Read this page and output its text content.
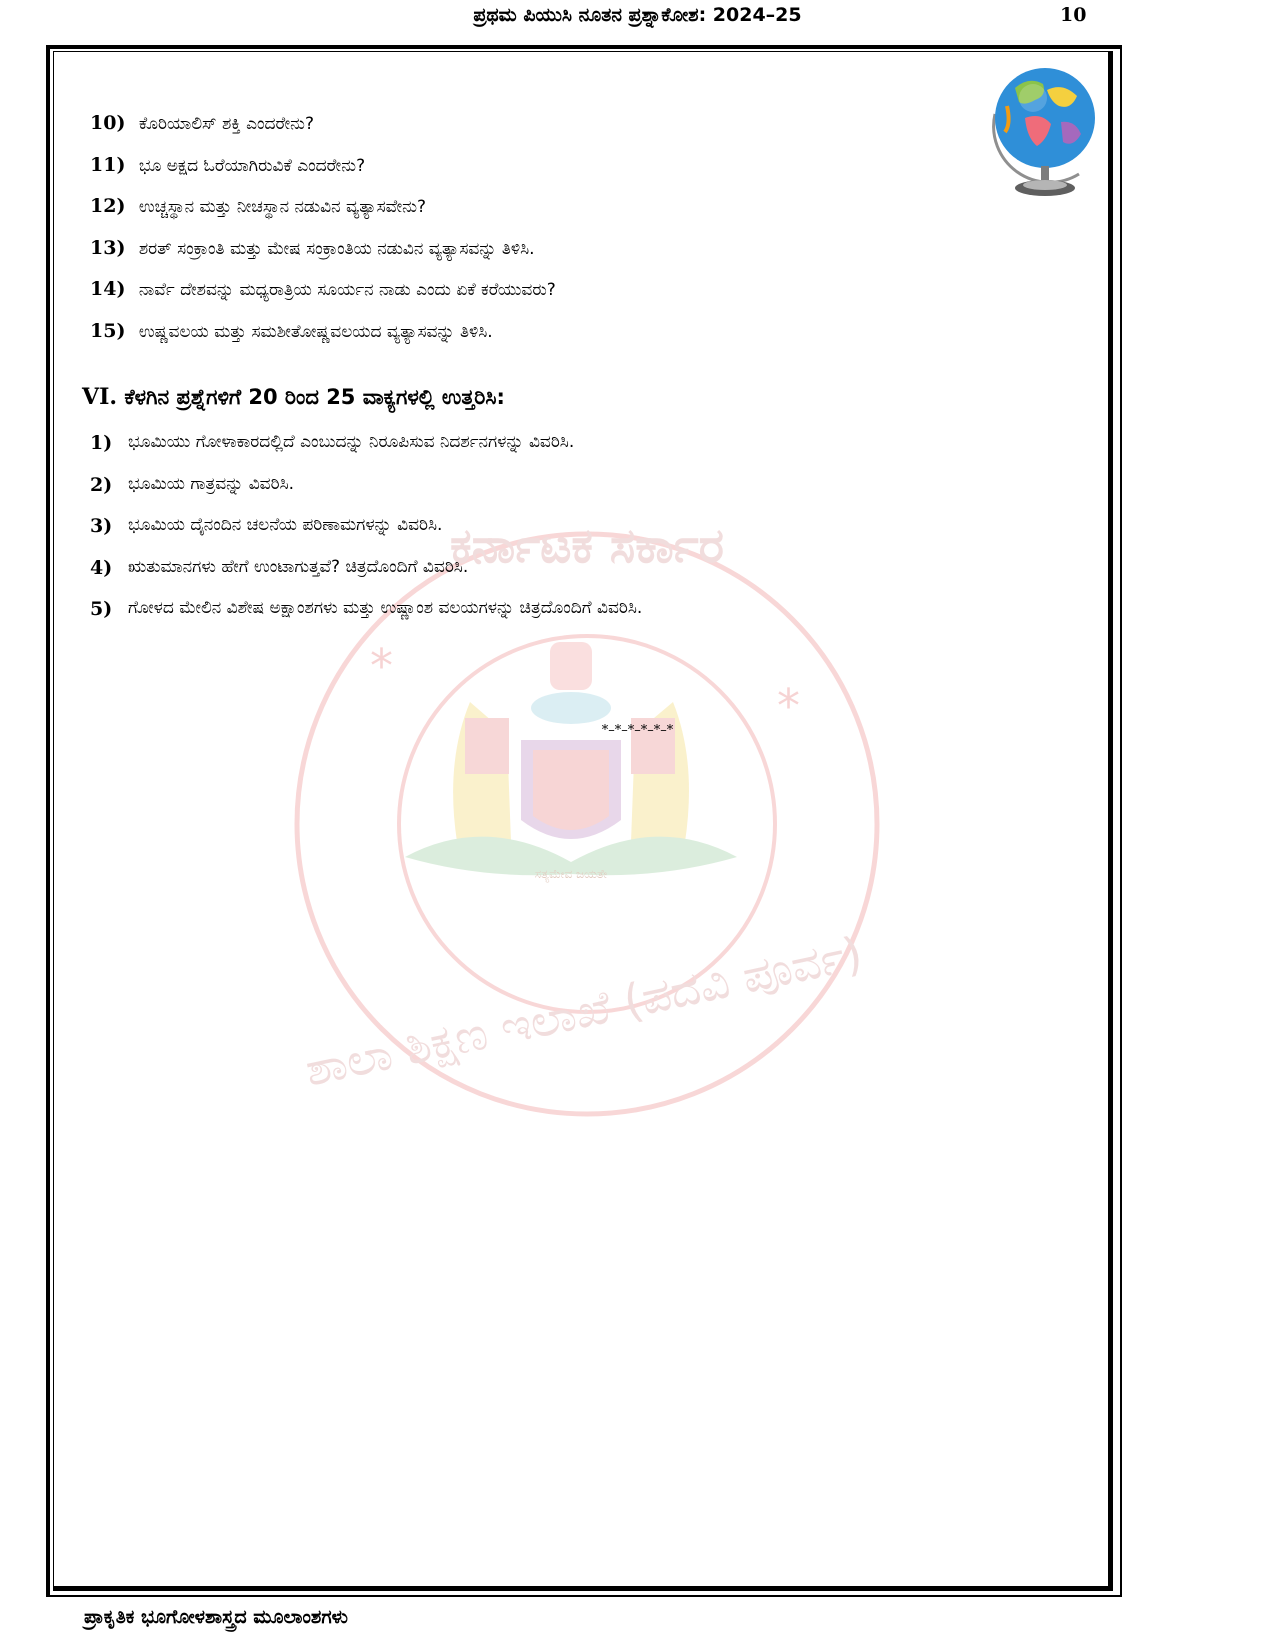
ಪ್ರಥಮ ಪಿಯುಸಿ ನೂತನ ಪ್ರಶ್ನಾಕೋಶ: 2024–25	10
*
*
ಸತ್ಯಮೇವ ಜಯತೇ
ಕರ್ನಾಟಕ ಸರ್ಕಾರ
ಶಾಲಾ ಶಿಕ್ಷಣ ಇಲಾಖೆ (ಪದವಿ ಪೂರ್ವ)
10) ಕೊರಿಯಾಲಿಸ್ ಶಕ್ತಿ ಎಂದರೇನು?
11) ಭೂ ಅಕ್ಷದ ಓರೆಯಾಗಿರುವಿಕೆ ಎಂದರೇನು?
12) ಉಚ್ಚಸ್ಥಾನ ಮತ್ತು ನೀಚಸ್ಥಾನ ನಡುವಿನ ವ್ಯತ್ಯಾಸವೇನು?
13) ಶರತ್ ಸಂಕ್ರಾಂತಿ ಮತ್ತು ಮೇಷ ಸಂಕ್ರಾಂತಿಯ ನಡುವಿನ ವ್ಯತ್ಯಾಸವನ್ನು ತಿಳಿಸಿ.
14) ನಾರ್ವೆ ದೇಶವನ್ನು ಮಧ್ಯರಾತ್ರಿಯ ಸೂರ್ಯನ ನಾಡು ಎಂದು ಏಕೆ ಕರೆಯುವರು?
15) ಉಷ್ಣವಲಯ ಮತ್ತು ಸಮಶೀತೋಷ್ಣವಲಯದ ವ್ಯತ್ಯಾಸವನ್ನು ತಿಳಿಸಿ.
VI. ಕೆಳಗಿನ ಪ್ರಶ್ನೆಗಳಿಗೆ 20 ರಿಂದ 25 ವಾಕ್ಯಗಳಲ್ಲಿ ಉತ್ತರಿಸಿ:
1) ಭೂಮಿಯು ಗೋಳಾಕಾರದಲ್ಲಿದೆ ಎಂಬುದನ್ನು ನಿರೂಪಿಸುವ ನಿದರ್ಶನಗಳನ್ನು ವಿವರಿಸಿ.
2) ಭೂಮಿಯ ಗಾತ್ರವನ್ನು ವಿವರಿಸಿ.
3) ಭೂಮಿಯ ದೈನಂದಿನ ಚಲನೆಯ ಪರಿಣಾಮಗಳನ್ನು ವಿವರಿಸಿ.
4) ಋತುಮಾನಗಳು ಹೇಗೆ ಉಂಟಾಗುತ್ತವೆ? ಚಿತ್ರದೊಂದಿಗೆ ವಿವರಿಸಿ.
5) ಗೋಳದ ಮೇಲಿನ ವಿಶೇಷ ಅಕ್ಷಾಂಶಗಳು ಮತ್ತು ಉಷ್ಣಾಂಶ ವಲಯಗಳನ್ನು ಚಿತ್ರದೊಂದಿಗೆ ವಿವರಿಸಿ.
*–*–*–*–*–*
ಪ್ರಾಕೃತಿಕ ಭೂಗೋಳಶಾಸ್ತ್ರದ ಮೂಲಾಂಶಗಳು
